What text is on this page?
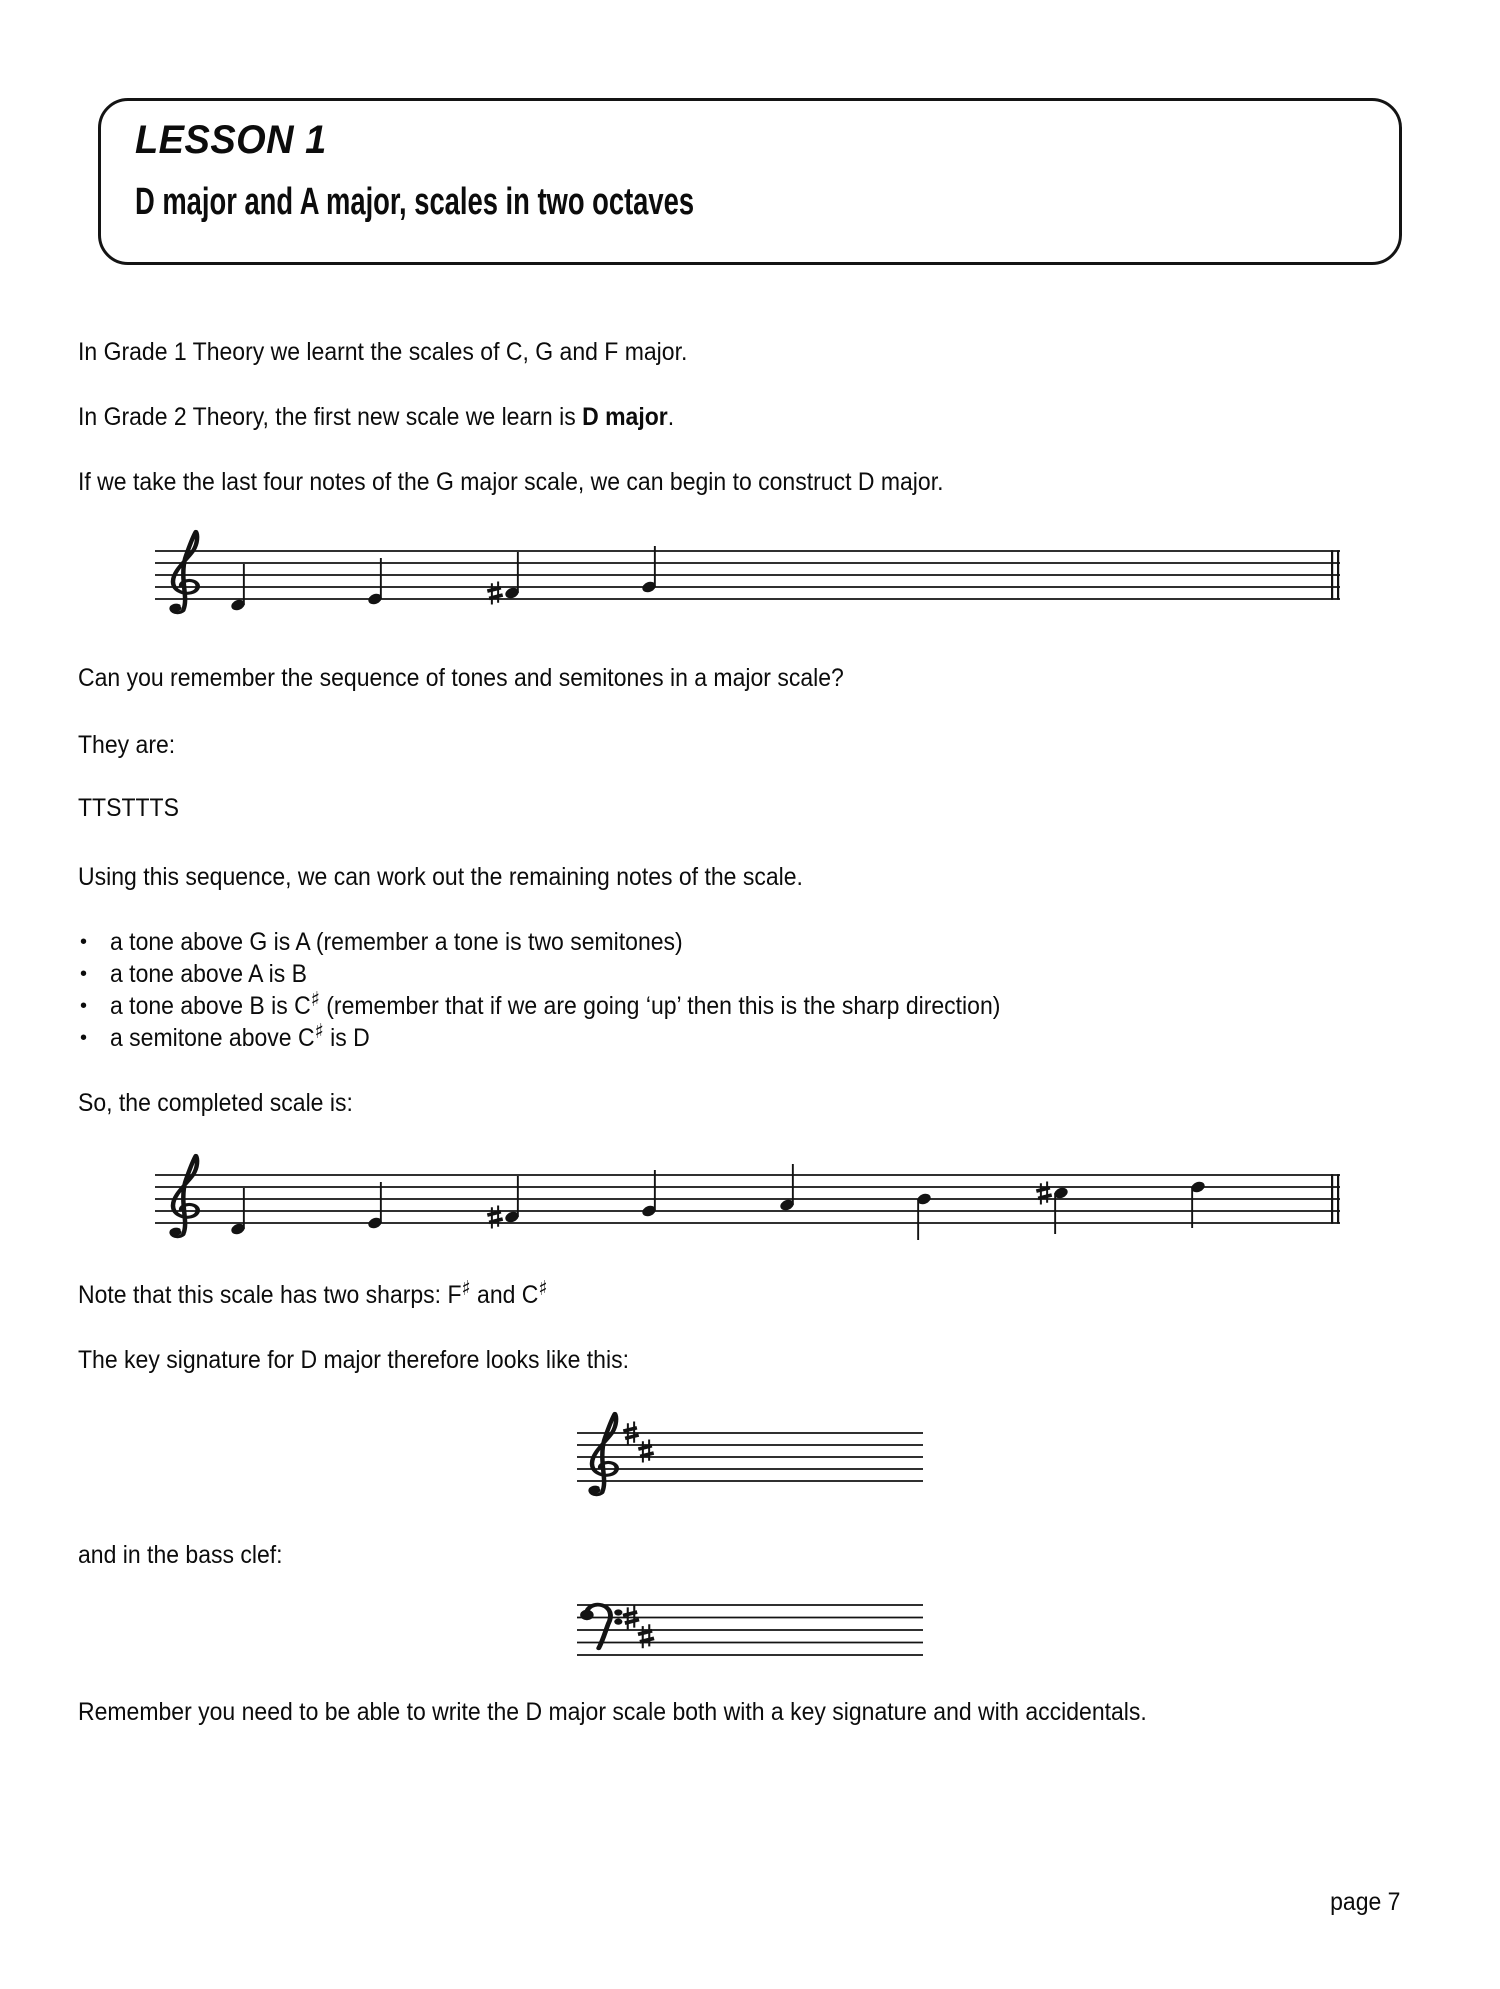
LESSON 1
D major and A major, scales in two octaves
In Grade 1 Theory we learnt the scales of C, G and F major.
In Grade 2 Theory, the first new scale we learn is D major.
If we take the last four notes of the G major scale, we can begin to construct D major.
Can you remember the sequence of tones and semitones in a major scale?
They are:
TTSTTTS
Using this sequence, we can work out the remaining notes of the scale.
• a tone above G is A (remember a tone is two semitones)
• a tone above A is B
• a tone above B is C♯ (remember that if we are going ‘up’ then this is the sharp direction)
• a semitone above C♯ is D
So, the completed scale is:
Note that this scale has two sharps: F♯ and C♯
The key signature for D major therefore looks like this:
and in the bass clef:
Remember you need to be able to write the D major scale both with a key signature and with accidentals.
page 7
